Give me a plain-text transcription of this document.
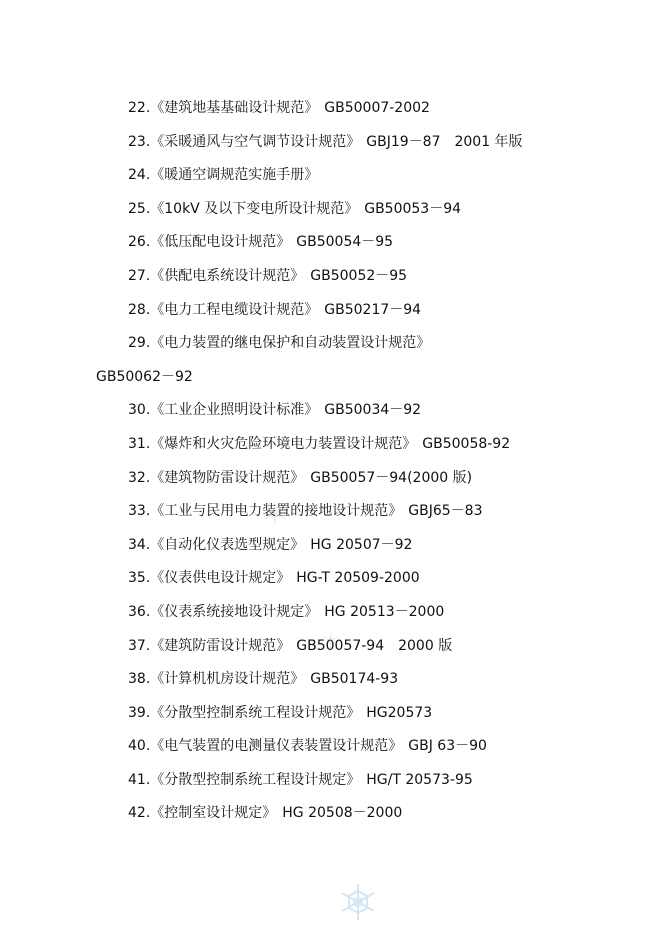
22.《建筑地基基础设计规范》 GB50007-2002
23.《采暖通风与空气调节设计规范》 GBJ19－87　2001 年版
24.《暖通空调规范实施手册》
25.《10kV 及以下变电所设计规范》 GB50053－94
26.《低压配电设计规范》 GB50054－95
27.《供配电系统设计规范》 GB50052－95
28.《电力工程电缆设计规范》 GB50217－94
29.《电力装置的继电保护和自动装置设计规范》
GB50062－92
30.《工业企业照明设计标准》 GB50034－92
31.《爆炸和火灾危险环境电力装置设计规范》 GB50058-92
32.《建筑物防雷设计规范》 GB50057－94(2000 版)
33.《工业与民用电力装置的接地设计规范》 GBJ65－83
34.《自动化仪表选型规定》 HG 20507－92
35.《仪表供电设计规定》 HG-T 20509-2000
36.《仪表系统接地设计规定》 HG 20513－2000
37.《建筑防雷设计规范》 GB50057-94　2000 版
38.《计算机机房设计规范》 GB50174-93
39.《分散型控制系统工程设计规范》 HG20573
40.《电气装置的电测量仪表装置设计规范》 GBJ 63－90
41.《分散型控制系统工程设计规定》 HG/T 20573-95
42.《控制室设计规定》 HG 20508－2000
